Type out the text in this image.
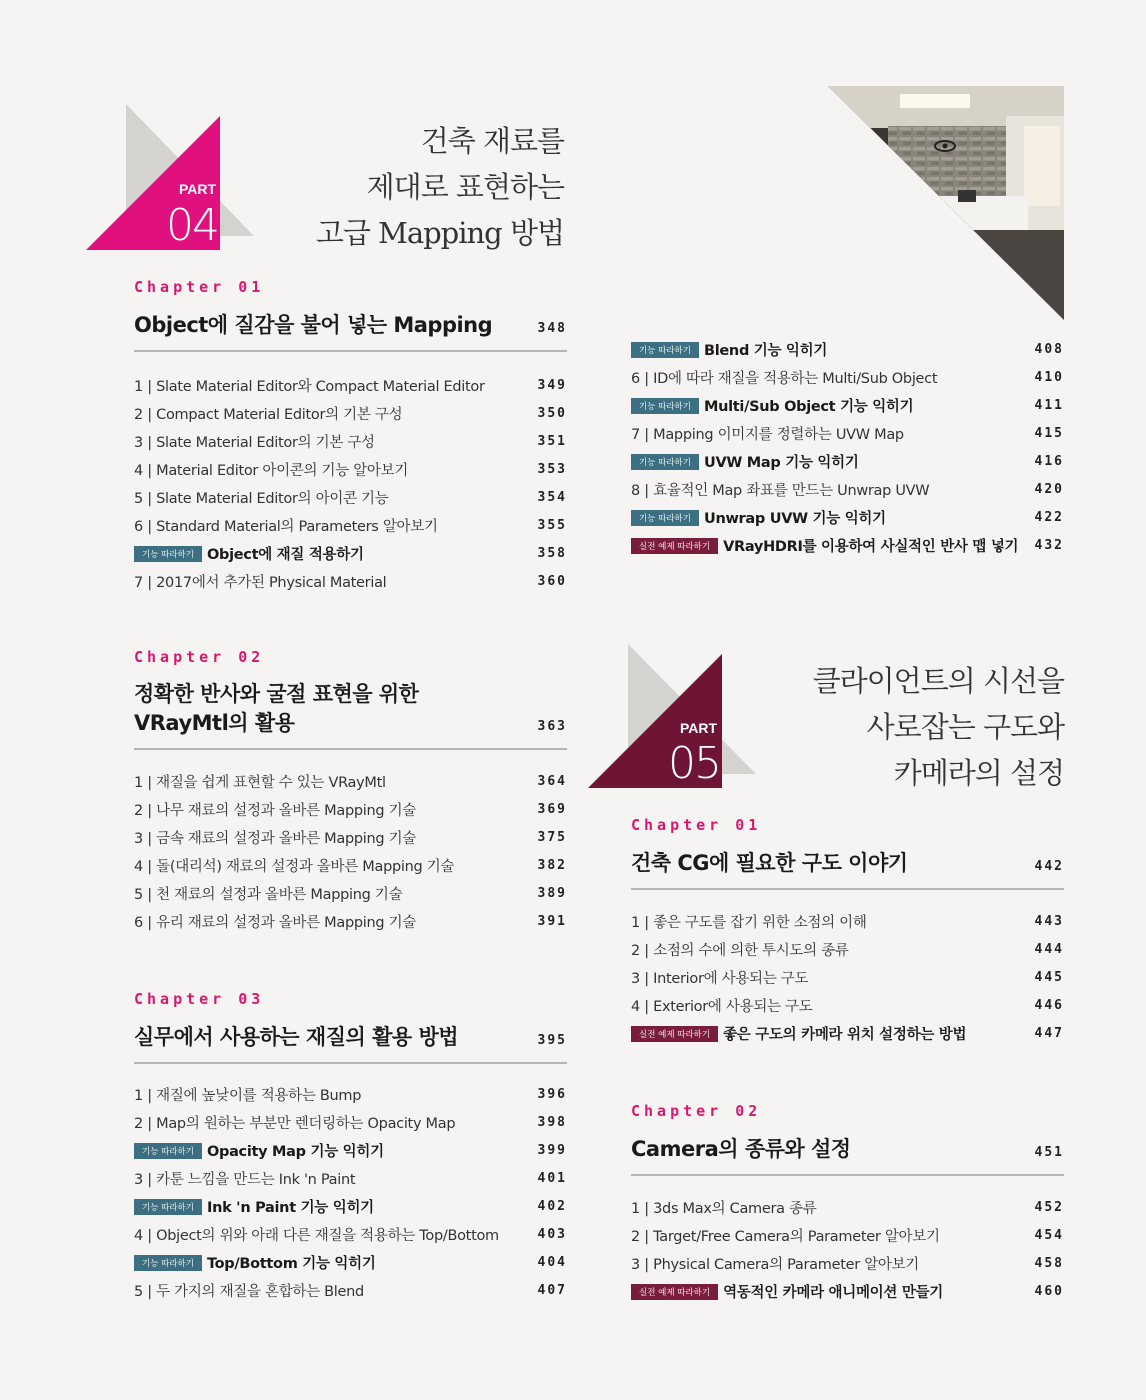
PART
04
건축 재료를
제대로 표현하는
고급 Mapping 방법
Chapter 01
Object에 질감을 불어 넣는 Mapping	348
1 | Slate Material Editor와 Compact Material Editor	349
2 | Compact Material Editor의 기본 구성	350
3 | Slate Material Editor의 기본 구성	351
4 | Material Editor 아이콘의 기능 알아보기	353
5 | Slate Material Editor의 아이콘 기능	354
6 | Standard Material의 Parameters 알아보기	355
기능 따라하기 Object에 재질 적용하기	358
7 | 2017에서 추가된 Physical Material	360
Chapter 02
정확한 반사와 굴절 표현을 위한
VRayMtl의 활용	363
1 | 재질을 쉽게 표현할 수 있는 VRayMtl	364
2 | 나무 재료의 설정과 올바른 Mapping 기술	369
3 | 금속 재료의 설정과 올바른 Mapping 기술	375
4 | 돌(대리석) 재료의 설정과 올바른 Mapping 기술	382
5 | 천 재료의 설정과 올바른 Mapping 기술	389
6 | 유리 재료의 설정과 올바른 Mapping 기술	391
Chapter 03
실무에서 사용하는 재질의 활용 방법	395
1 | 재질에 높낮이를 적용하는 Bump	396
2 | Map의 원하는 부분만 렌더링하는 Opacity Map	398
기능 따라하기 Opacity Map 기능 익히기	399
3 | 카툰 느낌을 만드는 Ink 'n Paint	401
기능 따라하기 Ink 'n Paint 기능 익히기	402
4 | Object의 위와 아래 다른 재질을 적용하는 Top/Bottom	403
기능 따라하기 Top/Bottom 기능 익히기	404
5 | 두 가지의 재질을 혼합하는 Blend	407
기능 따라하기 Blend 기능 익히기	408
6 | ID에 따라 재질을 적용하는 Multi/Sub Object	410
기능 따라하기 Multi/Sub Object 기능 익히기	411
7 | Mapping 이미지를 정렬하는 UVW Map	415
기능 따라하기 UVW Map 기능 익히기	416
8 | 효율적인 Map 좌표를 만드는 Unwrap UVW	420
기능 따라하기 Unwrap UVW 기능 익히기	422
실전 예제 따라하기 VRayHDRI를 이용하여 사실적인 반사 맵 넣기 432
PART
05
클라이언트의 시선을
사로잡는 구도와
카메라의 설정
Chapter 01
건축 CG에 필요한 구도 이야기	442
1 | 좋은 구도를 잡기 위한 소점의 이해	443
2 | 소점의 수에 의한 투시도의 종류	444
3 | Interior에 사용되는 구도	445
4 | Exterior에 사용되는 구도	446
실전 예제 따라하기 좋은 구도의 카메라 위치 설정하는 방법	447
Chapter 02
Camera의 종류와 설정	451
1 | 3ds Max의 Camera 종류	452
2 | Target/Free Camera의 Parameter 알아보기	454
3 | Physical Camera의 Parameter 알아보기	458
실전 예제 따라하기 역동적인 카메라 애니메이션 만들기	460
